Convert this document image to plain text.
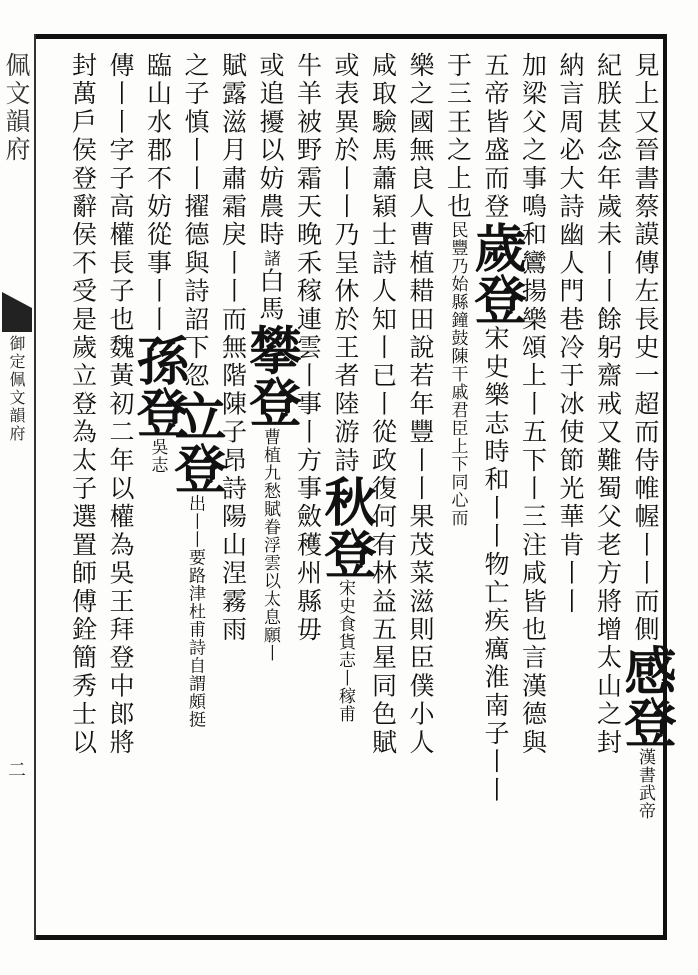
佩文韻府
御定佩文韻府
二
見上又晉書蔡謨傳左長史一超而侍帷幄丨丨而側感登漢書武帝
紀朕甚念年歲未丨丨餘躬齋戒又難蜀父老方將增太山之封
納言周必大詩幽人門巷冷于冰使節光華肯丨丨
加梁父之事鳴和鸞揚樂頌上丨五下丨三注咸皆也言漢德與
五帝皆盛而登歲登宋史樂志時和丨丨物亡疾癘淮南子丨丨
于三王之上也民豐乃始縣鐘鼓陳干戚君臣上下同心而
樂之國無良人曹植耤田說若年豐丨丨果茂菜滋則臣僕小人
咸取驗馬蕭穎士詩人知丨已丨從政復何有林益五星同色賦
或表異於丨丨乃呈休於王者陸游詩秋登宋史食貨志丨稼甫
牛羊被野霜天晚禾稼連雲丨事丨方事斂穫州縣毋
或追擾以妨農時諸白馬攀登曹植九愁賦眷浮雲以太息願丨
賦露滋月肅霜戾丨丨而無階陳子昂詩陽山涅霧雨
之子慎丨丨擢德與詩詔下忽立登出丨丨要路津杜甫詩自謂頗挺
臨山水郡不妨從事丨丨孫登吳志
傳丨丨字子高權長子也魏黃初二年以權為吳王拜登中郎將
封萬戶侯登辭侯不受是歲立登為太子選置師傅銓簡秀士以
